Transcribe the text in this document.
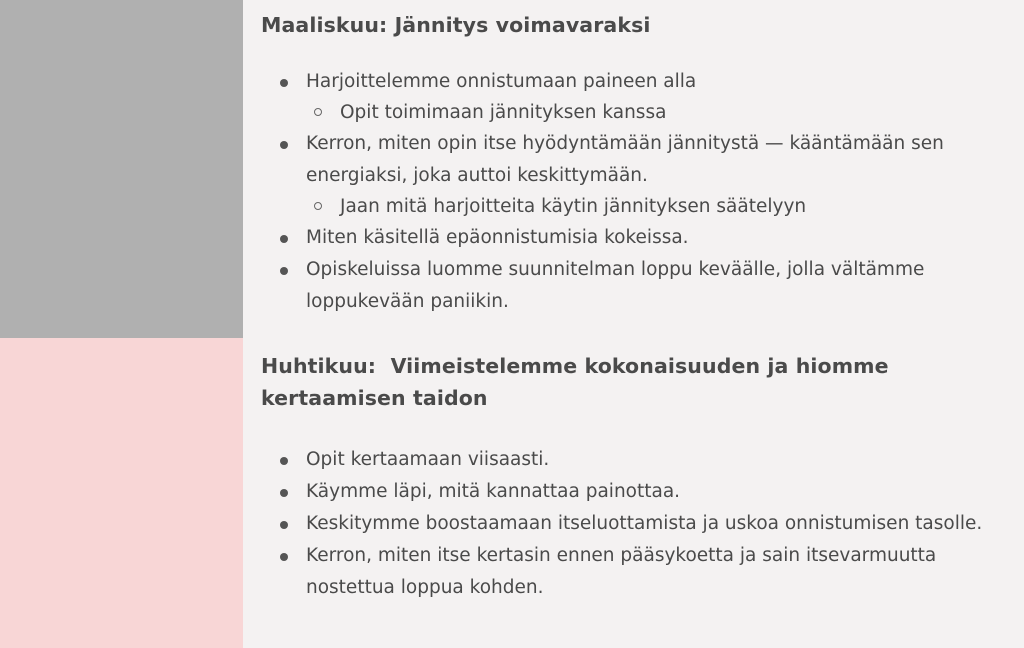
Maaliskuu: Jännitys voimavaraksi
Harjoittelemme onnistumaan paineen alla
Opit toimimaan jännityksen kanssa
Kerron, miten opin itse hyödyntämään jännitystä — kääntämään sen energiaksi, joka auttoi keskittymään.
Jaan mitä harjoitteita käytin jännityksen säätelyyn
Miten käsitellä epäonnistumisia kokeissa.
Opiskeluissa luomme suunnitelman loppu keväälle, jolla vältämme loppukevään paniikin.
Huhtikuu:  Viimeistelemme kokonaisuuden ja hiomme kertaamisen taidon
Opit kertaamaan viisaasti.
Käymme läpi, mitä kannattaa painottaa.
Keskitymme boostaamaan itseluottamista ja uskoa onnistumisen tasolle.
Kerron, miten itse kertasin ennen pääsykoetta ja sain itsevarmuutta nostettua loppua kohden.
